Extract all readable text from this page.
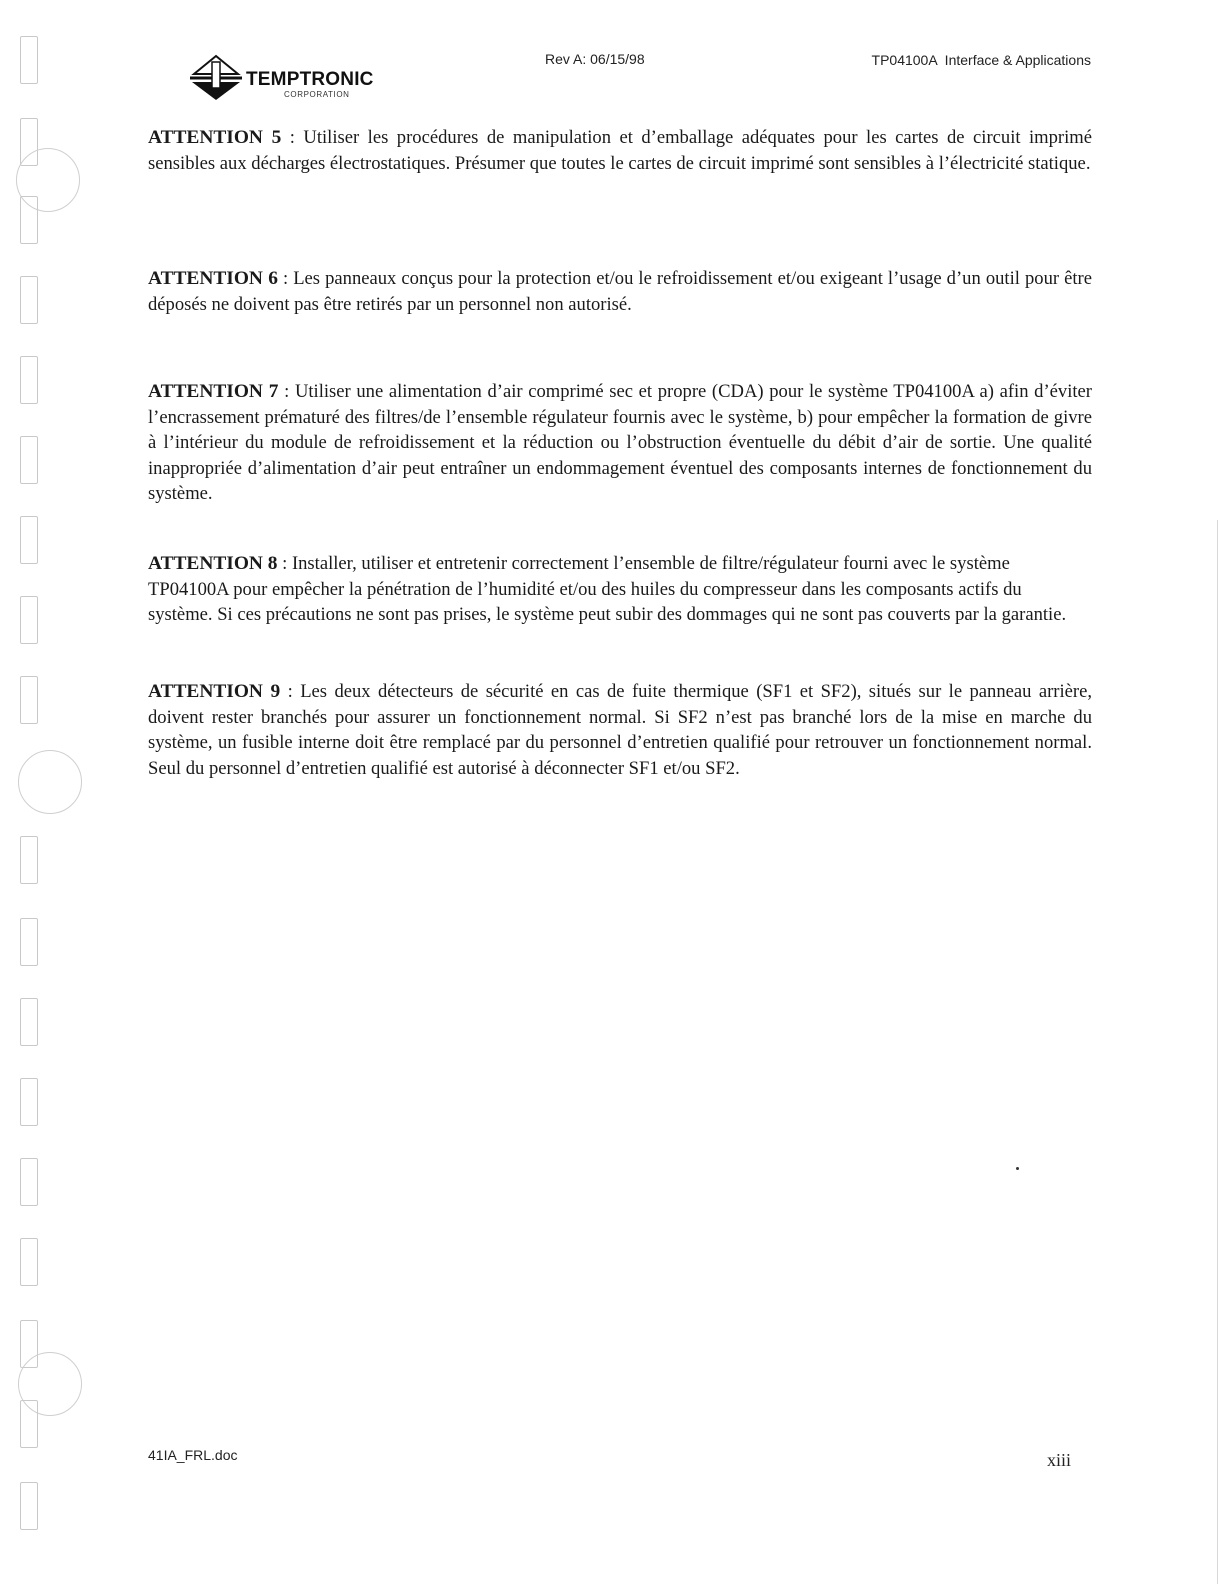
TEMPTRONIC
CORPORATION
Rev A: 06/15/98	TP04100A  Interface & Applications
ATTENTION 5 : Utiliser les procédures de manipulation et d’emballage adéquates pour les cartes de circuit imprimé sensibles aux décharges électrostatiques. Présumer que toutes le cartes de circuit imprimé sont sensibles à l’électricité statique.
ATTENTION 6 : Les panneaux conçus pour la protection et/ou le refroidissement et/ou exigeant l’usage d’un outil pour être déposés ne doivent pas être retirés par un personnel non autorisé.
ATTENTION 7 : Utiliser une alimentation d’air comprimé sec et propre (CDA) pour le système TP04100A a) afin d’éviter l’encrassement prématuré des filtres/de l’ensemble régulateur fournis avec le système, b) pour empêcher la formation de givre à l’intérieur du module de refroidissement et la réduction ou l’obstruction éventuelle du débit d’air de sortie. Une qualité inappropriée d’alimentation d’air peut entraîner un endommagement éventuel des composants internes de fonctionnement du système.
ATTENTION 8 : Installer, utiliser et entretenir correctement l’ensemble de filtre/régulateur fourni avec le système TP04100A pour empêcher la pénétration de l’humidité et/ou des huiles du compresseur dans les composants actifs du système. Si ces précautions ne sont pas prises, le système peut subir des dommages qui ne sont pas couverts par la garantie.
ATTENTION 9 : Les deux détecteurs de sécurité en cas de fuite thermique (SF1 et SF2), situés sur le panneau arrière, doivent rester branchés pour assurer un fonctionnement normal. Si SF2 n’est pas branché lors de la mise en marche du système, un fusible interne doit être remplacé par du personnel d’entretien qualifié pour retrouver un fonctionnement normal. Seul du personnel d’entretien qualifié est autorisé à déconnecter SF1 et/ou SF2.
41IA_FRL.doc	xiii
